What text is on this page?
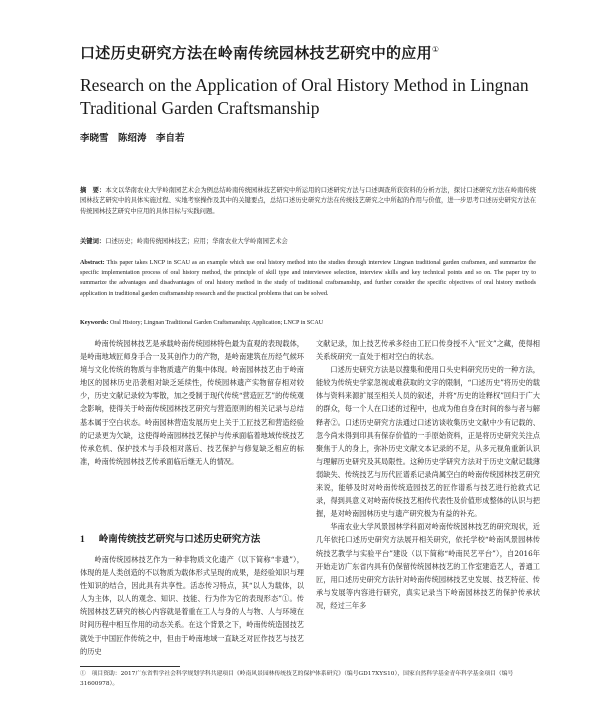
口述历史研究方法在岭南传统园林技艺研究中的应用①
Research on the Application of Oral History Method in Lingnan Traditional Garden Craftsmanship
李晓雪　陈绍涛　李自若
摘　要：本文以华南农业大学岭南园艺术会为例总结岭南传统园林技艺研究中所运用的口述研究方法与口述调查所获资料的分析方法，探讨口述研究方法在岭南传统园林技艺研究中的具体实施过程、实地考察操作及其中的关键要点，总结口述历史研究方法在传统技艺研究之中所起的作用与价值，进一步思考口述历史研究方法在传统园林技艺研究中应用的具体目标与实践问题。
关键词：口述历史；岭南传统园林技艺；应用；华南农业大学岭南园艺术会
Abstract: This paper takes LNCP in SCAU as an example which use oral history method into the studies through interview Lingnan traditional garden craftsmen, and summarize the specific implementation process of oral history method, the principle of skill type and interviewee selection, interview skills and key technical points and so on. The paper try to summarize the advantages and disadvantages of oral history method in the study of traditional craftsmanship, and further consider the specific objectives of oral history methods application in traditional garden craftsmanship research and the practical problems that can be solved.
Keywords: Oral History; Lingnan Traditional Garden Craftsmanship; Application; LNCP in SCAU

岭南传统园林技艺是承载岭南传统园林特色最为直观的表现载体，是岭南地域匠师身手合一及其创作力的产物，是岭南建筑在历经气候环境与文化传统的物质与非物质遗产的集中体现。岭南园林技艺由于岭南地区的园林历史沿袭相对缺乏延续性，传统园林遗产实物留存相对较少，历史文献记录较为零散，加之受制于现代传统“营造匠艺”的传统观念影响，使得关于岭南传统园林技艺研究与营造原则的相关记录与总结基本属于空白状态。岭南园林营造发展历史上关于工匠技艺和营造经验的记录更为欠缺，这使得岭南园林技艺保护与传承面临着地域传统技艺传承危机、保护技术与手段相对落后、技艺保护与修复缺乏相应的标准，岭南传统园林技艺传承面临后继无人的情况。

1 岭南传统技艺研究与口述历史研究方法

岭南传统园林技艺作为一种非物质文化遗产（以下简称“非遗”），体现的是人类创造的不以物质为载体形式呈现的成果，是经验知识与理性知识的结合，因此具有共享性。活态传习特点，其“以人为载体，以人为主体，以人的观念、知识、技能、行为作为它的表现形态”①。传统园林技艺研究的核心内容就是着重在工人与身的人与物、人与环境在时间历程中相互作用的动态关系。在这个背景之下，岭南传统造园技艺就处于中国匠作传统之中，但由于岭南地域一直缺乏对匠作技艺与技艺的历史

文献记录，加上技艺传承多经由工匠口传身授不入“匠文”之藏，使得相关系统研究一直处于相对空白的状态。

口述历史研究方法是以搜集和使用口头史料研究历史的一种方法，能较为传统史学家忽视或难获取的文字的限制，“口述历史”将历史的载体与资料来源扩展至相关人员的叙述，并将“历史的诠释权”回归于广大的群众，每一个人在口述的过程中，也成为他自身在时间的参与者与解释者②。口述历史研究方法通过口述访谈收集历史文献中少有记载的、忽今尚未得到印具有保存价值的一手原始资料，正是将历史研究关注点聚焦于人的身上，弥补历史文献文本记录的不足，从多元视角重新认识与理解历史研究及其局限性。这种历史学研究方法对于历史文献记载薄弱缺失、传统技艺与历代匠谱系记录尚属空白的岭南传统园林技艺研究来说，能够及时对岭南传统造园技艺的匠作谱系与技艺进行抢救式记录，得到具意义对岭南传统技艺相传代表性及价值形成整体的认识与把握，是对岭南园林历史与遗产研究极为有益的补充。

华南农业大学风景园林学科面对岭南传统园林技艺的研究现状，近几年依托口述历史研究方法展开相关研究，依托学校“岭南风景园林传统技艺教学与实验平台”建设（以下简称“岭南民艺平台”），自2016年开始走访广东省内具有仍保留传统园林技艺的工作室建造艺人，普通工匠，用口述历史研究方法针对岭南传统园林技艺史发展、技艺特征、传承与发展等内容进行研究，真实记录当下岭南园林技艺的保护传承状况，经过三年多

①　项目资助：2017广东省哲学社会科学规划学科共建项目《岭南风景园林传统技艺的保护体系研究》（编号GD17XYS10），国家自然科学基金青年科学基金项目（编号31600978）。
